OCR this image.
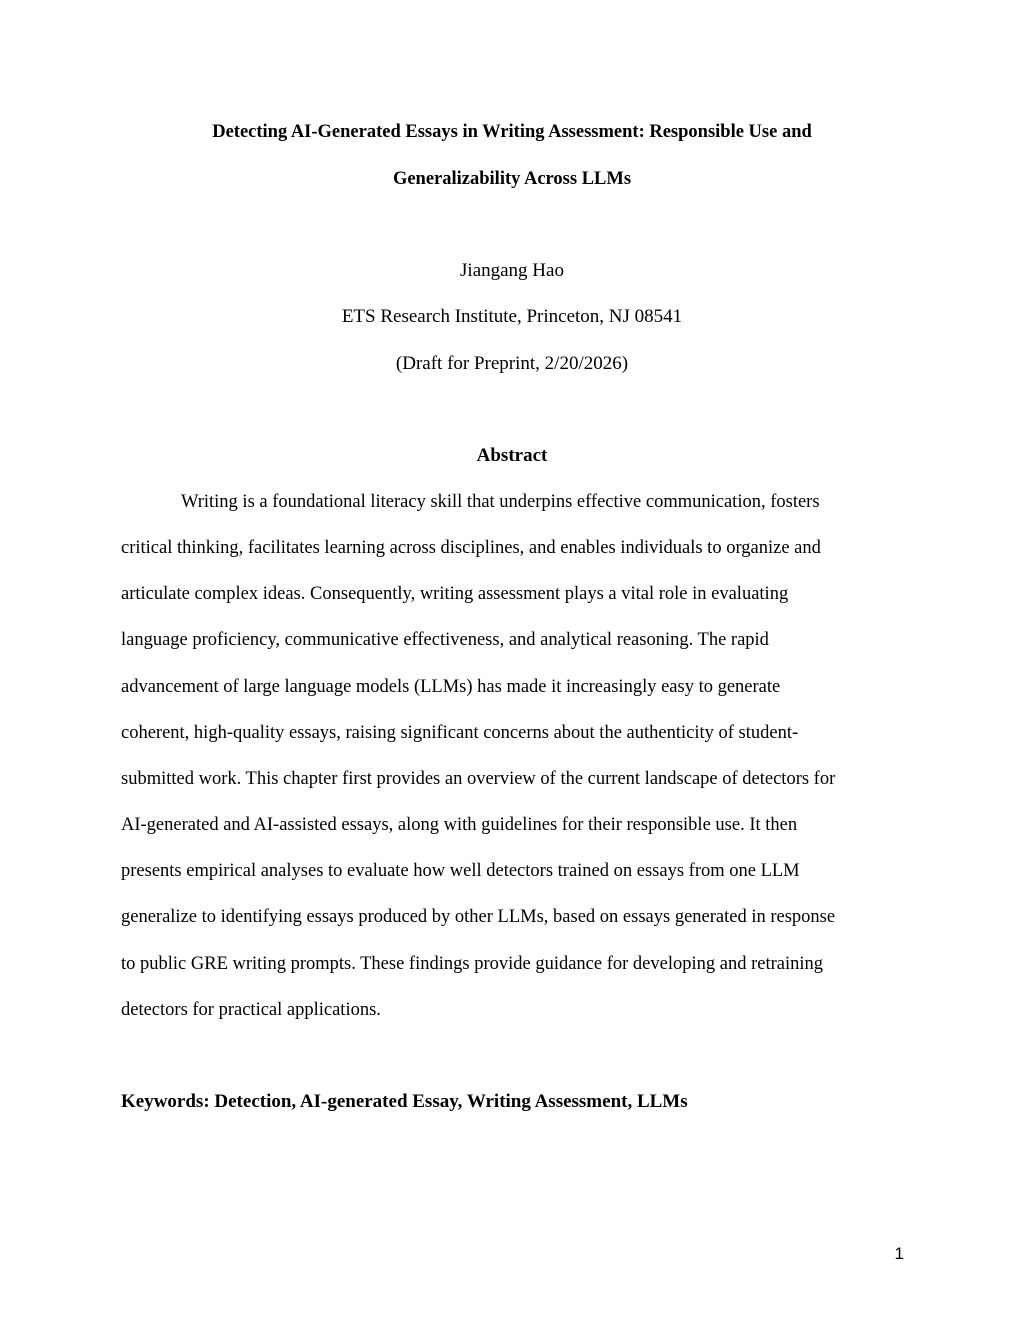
Detecting AI-Generated Essays in Writing Assessment: Responsible Use and
Generalizability Across LLMs
Jiangang Hao
ETS Research Institute, Princeton, NJ 08541
(Draft for Preprint, 2/20/2026)
Abstract
Writing is a foundational literacy skill that underpins effective communication, fosters
critical thinking, facilitates learning across disciplines, and enables individuals to organize and
articulate complex ideas. Consequently, writing assessment plays a vital role in evaluating
language proficiency, communicative effectiveness, and analytical reasoning. The rapid
advancement of large language models (LLMs) has made it increasingly easy to generate
coherent, high-quality essays, raising significant concerns about the authenticity of student-
submitted work. This chapter first provides an overview of the current landscape of detectors for
AI-generated and AI-assisted essays, along with guidelines for their responsible use. It then
presents empirical analyses to evaluate how well detectors trained on essays from one LLM
generalize to identifying essays produced by other LLMs, based on essays generated in response
to public GRE writing prompts. These findings provide guidance for developing and retraining
detectors for practical applications.
Keywords: Detection, AI-generated Essay, Writing Assessment, LLMs
1
